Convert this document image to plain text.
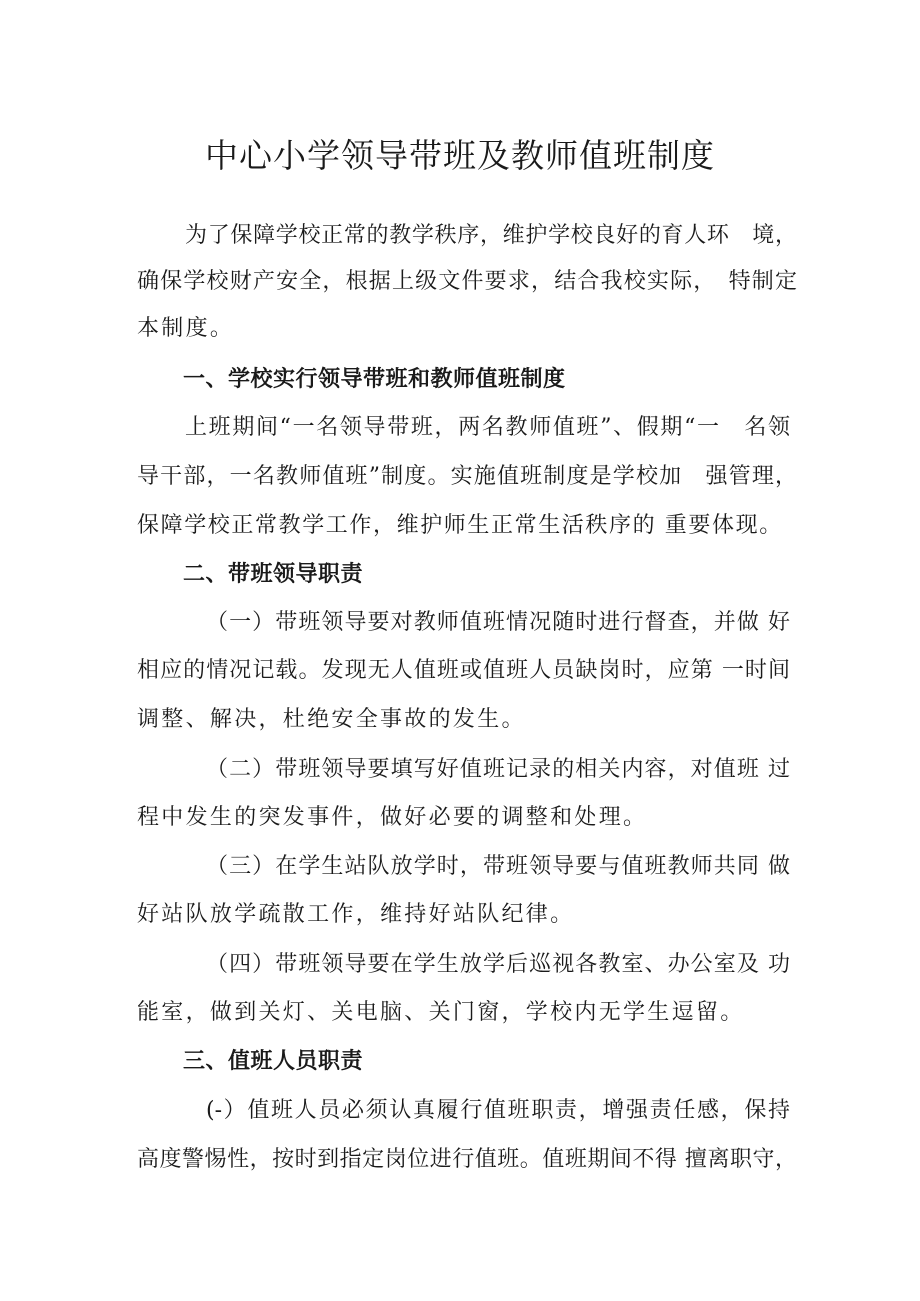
中心小学领导带班及教师值班制度
为了保障学校正常的教学秩序，维护学校良好的育人环　境，
确保学校财产安全，根据上级文件要求，结合我校实际，　特制定
本制度。
一、学校实行领导带班和教师值班制度
上班期间“一名领导带班，两名教师值班”、假期“一　名领
导干部，一名教师值班”制度。实施值班制度是学校加　强管理，
保障学校正常教学工作，维护师生正常生活秩序的 重要体现。
二、带班领导职责
（一）带班领导要对教师值班情况随时进行督查，并做 好
相应的情况记载。发现无人值班或值班人员缺岗时，应第 一时间
调整、解决，杜绝安全事故的发生。
（二）带班领导要填写好值班记录的相关内容，对值班 过
程中发生的突发事件，做好必要的调整和处理。
（三）在学生站队放学时，带班领导要与值班教师共同 做
好站队放学疏散工作，维持好站队纪律。
（四）带班领导要在学生放学后巡视各教室、办公室及 功
能室，做到关灯、关电脑、关门窗，学校内无学生逗留。
三、值班人员职责
(-）值班人员必须认真履行值班职责，增强责任感，保持
高度警惕性，按时到指定岗位进行值班。值班期间不得 擅离职守，
